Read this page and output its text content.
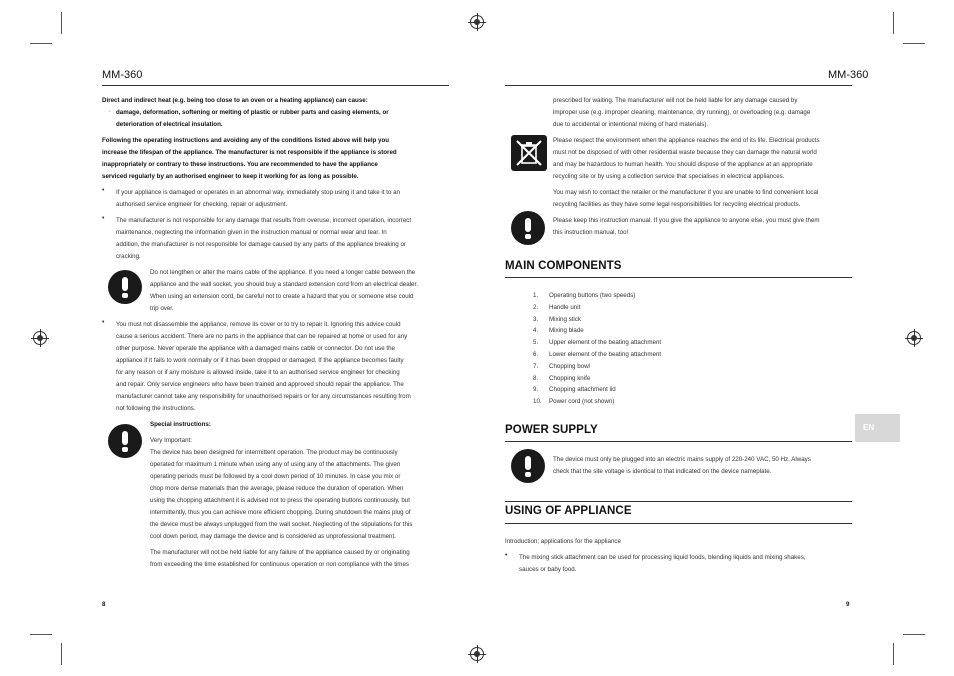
MM-360	MM-360
Direct and indirect heat (e.g. being too close to an oven or a heating appliance) can cause:
· damage, deformation, softening or melting of plastic or rubber parts and casing elements, or
deterioration of electrical insulation.
Following the operating instructions and avoiding any of the conditions listed above will help you
increase the lifespan of the appliance. The manufacturer is not responsible if the appliance is stored
inappropriately or contrary to these instructions. You are recommended to have the appliance
serviced regularly by an authorised engineer to keep it working for as long as possible.
• If your appliance is damaged or operates in an abnormal way, immediately stop using it and take it to an
authorised service engineer for checking, repair or adjustment.
• The manufacturer is not responsible for any damage that results from overuse, incorrect operation, incorrect
maintenance, neglecting the information given in the instruction manual or normal wear and tear. In
addition, the manufacturer is not responsible for damage caused by any parts of the appliance breaking or
cracking.
Do not lengthen or alter the mains cable of the appliance. If you need a longer cable between the
appliance and the wall socket, you should buy a standard extension cord from an electrical dealer.
When using an extension cord, be careful not to create a hazard that you or someone else could
trip over.
• You must not disassemble the appliance, remove its cover or to try to repair it. Ignoring this advice could
cause a serious accident. There are no parts in the appliance that can be repaired at home or used for any
other purpose. Never operate the appliance with a damaged mains cable or connector. Do not use the
appliance if it fails to work normally or if it has been dropped or damaged. If the appliance becomes faulty
for any reason or if any moisture is allowed inside, take it to an authorised service engineer for checking
and repair. Only service engineers who have been trained and approved should repair the appliance. The
manufacturer cannot take any responsibility for unauthorised repairs or for any circumstances resulting from
not following the instructions.
Special instructions:
Very Important:
The device has been designed for intermittent operation. The product may be continuously
operated for maximum 1 minute when using any of using any of the attachments. The given
operating periods must be followed by a cool down period of 10 minutes. In case you mix or
chop more dense materials than the average, please reduce the duration of operation. When
using the chopping attachment it is advised not to press the operating buttons continuously, but
intermittently, thus you can achieve more efficient chopping. During shutdown the mains plug of
the device must be always unplugged from the wall socket. Neglecting of the stipulations for this
cool down period, may damage the device and is considered as unprofessional treatment.
The manufacturer will not be held liable for any failure of the appliance caused by or originating
from exceeding the time established for continuous operation or non compliance with the times
8
prescribed for waiting. The manufacturer will not be held liable for any damage caused by
improper use (e.g. improper cleaning, maintenance, dry running), or overloading (e.g. damage
due to accidental or intentional mixing of hard materials).
Please respect the environment when the appliance reaches the end of its life. Electrical products
must not be disposed of with other residential waste because they can damage the natural world
and may be hazardous to human health. You should dispose of the appliance at an appropriate
recycling site or by using a collection service that specialises in electrical appliances.
You may wish to contact the retailer or the manufacturer if you are unable to find convenient local
recycling facilities as they have some legal responsibilities for recycling electrical products.
Please keep this instruction manual. If you give the appliance to anyone else, you must give them
this instruction manual, too!
MAIN COMPONENTS
1. Operating buttons (two speeds)
2. Handle unit
3. Mixing stick
4. Mixing blade
5. Upper element of the beating attachment
6. Lower element of the beating attachment
7. Chopping bowl
8. Chopping knife
9. Chopping attachment lid
10. Power cord (not shown)
POWER SUPPLY	EN
The device must only be plugged into an electric mains supply of 220-240 VAC, 50 Hz. Always
check that the site voltage is identical to that indicated on the device nameplate.
USING OF APPLIANCE
Introduction; applications for the appliance
• The mixing stick attachment can be used for processing liquid foods, blending liquids and mixing shakes,
sauces or baby food.
9
